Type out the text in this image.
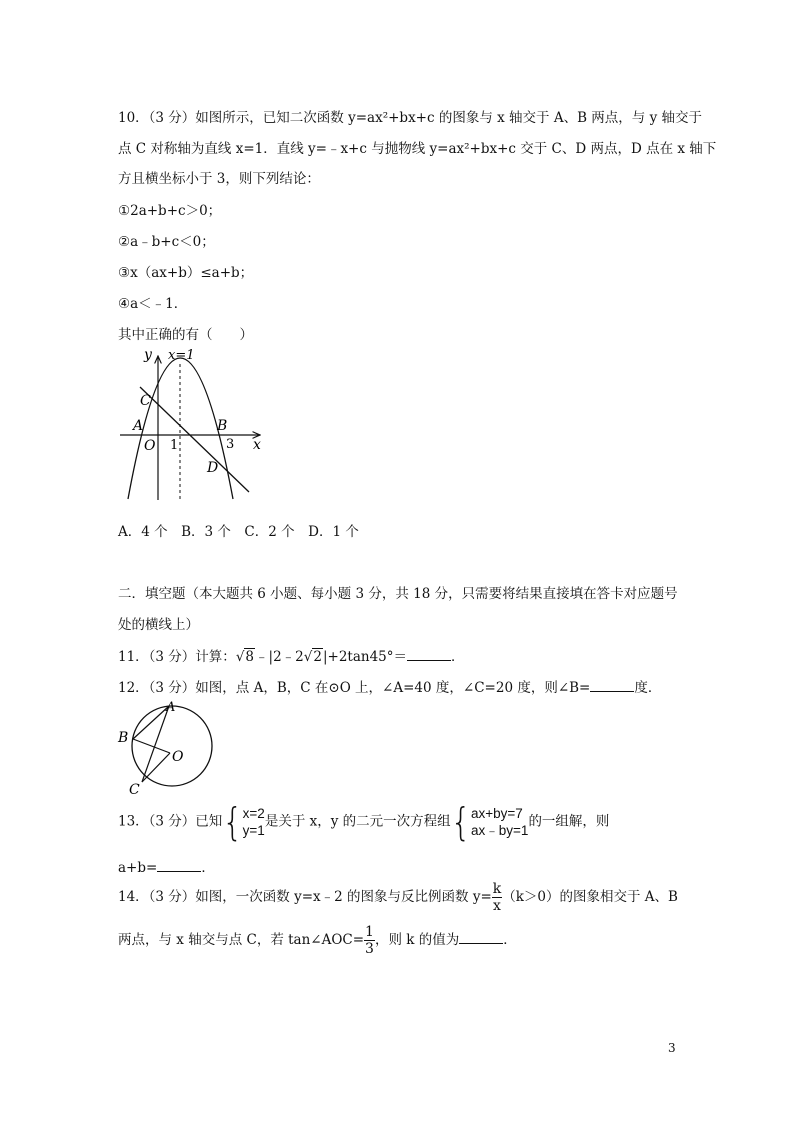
10．（3 分）如图所示，已知二次函数 y=ax²+bx+c 的图象与 x 轴交于 A、B 两点，与 y 轴交于
点 C 对称轴为直线 x=1．直线 y=﹣x+c 与抛物线 y=ax²+bx+c 交于 C、D 两点，D 点在 x 轴下
方且横坐标小于 3，则下列结论：
①2a+b+c＞0；
②a﹣b+c＜0；
③x（ax+b）≤a+b；
④a＜﹣1．
其中正确的有（　　）
y x=1
C
A
O 1
B
3 x
D
A．4 个　B．3 个　C．2 个　D．1 个
二．填空题（本大题共 6 小题、每小题 3 分，共 18 分，只需要将结果直接填在答卡对应题号
处的横线上）
11．（3 分）计算：√8﹣|2﹣2√2|+2tan45°＝	．
12．（3 分）如图，点 A，B，C 在⊙O 上，∠A=40 度，∠C=20 度，则∠B=	度．
A
B
O
C
13．（3 分）已知{ x=2
y=1
是关于 x，y 的二元一次方程组{ ax+by=7
ax﹣by=1
的一组解，则
a+b=	．
14．（3 分）如图，一次函数 y=x﹣2 的图象与反比例函数 $y= \frac{k}{x} (k>0)$的图象相交于 A、B
两点，与 x 轴交与点 C，若 tan∠AOC= $\frac{1}{3}$ ，则 k 的值为	．
3
